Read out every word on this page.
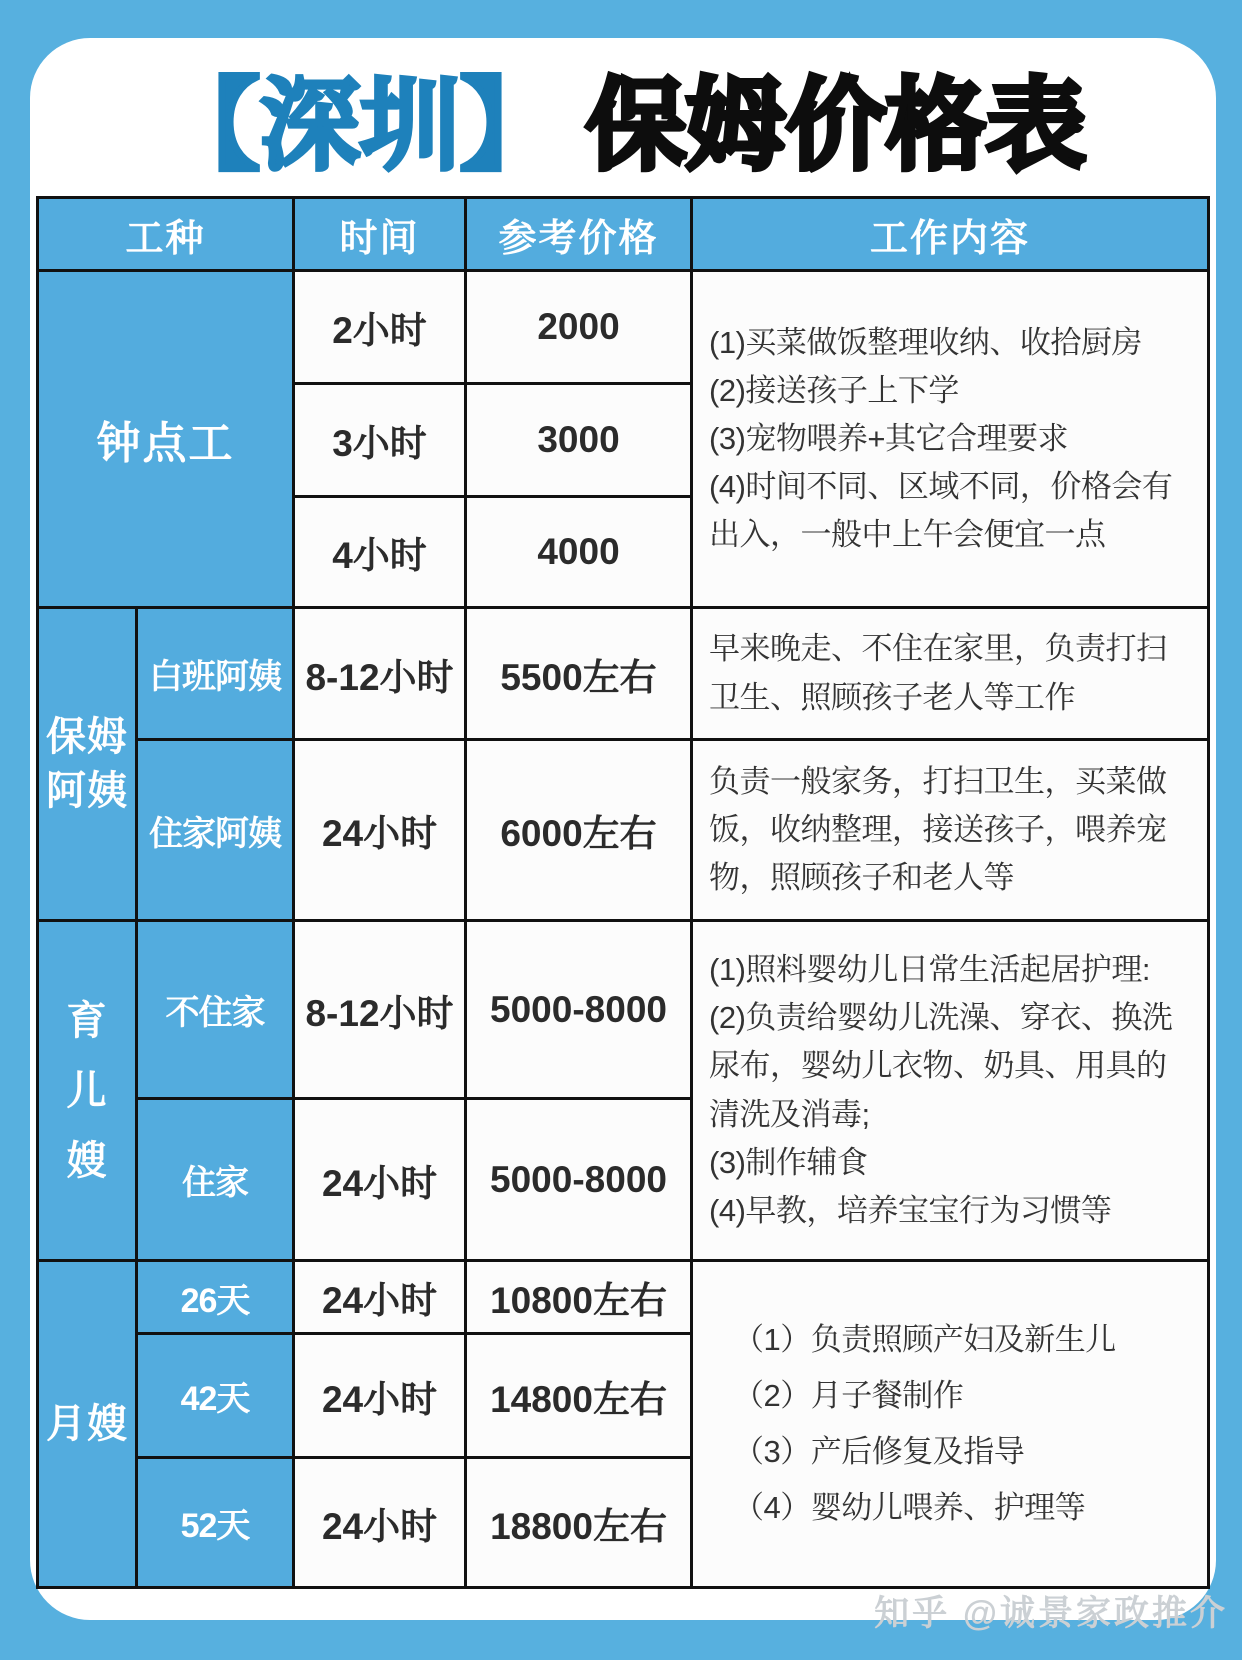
【深圳】 保姆价格表
工种		时间	参考价格	工作内容
钟点工		2小时	2000	(1)买菜做饭整理收纳、收拾厨房
(2)接送孩子上下学
(3)宠物喂养+其它合理要求
(4)时间不同、区域不同，价格会有出入，一般中上午会便宜一点

		3小时	3000	
		4小时	4000	

保姆
阿姨	白班阿姨	8-12小时	5500左右	早来晚走、不住在家里，负责打扫卫生、照顾孩子老人等工作
	住家阿姨	24小时	6000左右	负责一般家务，打扫卫生，买菜做饭，收纳整理，接送孩子，喂养宠物，照顾孩子和老人等

育
儿
嫂	不住家	8-12小时	5000-8000	(1)照料婴幼儿日常生活起居护理:
(2)负责给婴幼儿洗澡、穿衣、换洗尿布，婴幼儿衣物、奶具、用具的清洗及消毒;
(3)制作辅食
(4)早教，培养宝宝行为习惯等

	住家	24小时	5000-8000	

月嫂	26天	24小时	10800左右	（1）负责照顾产妇及新生儿
（2）月子餐制作
（3）产后修复及指导
（4）婴幼儿喂养、护理等

	42天	24小时	14800左右	
	52天	24小时	18800左右	
知乎 @诚景家政推介
